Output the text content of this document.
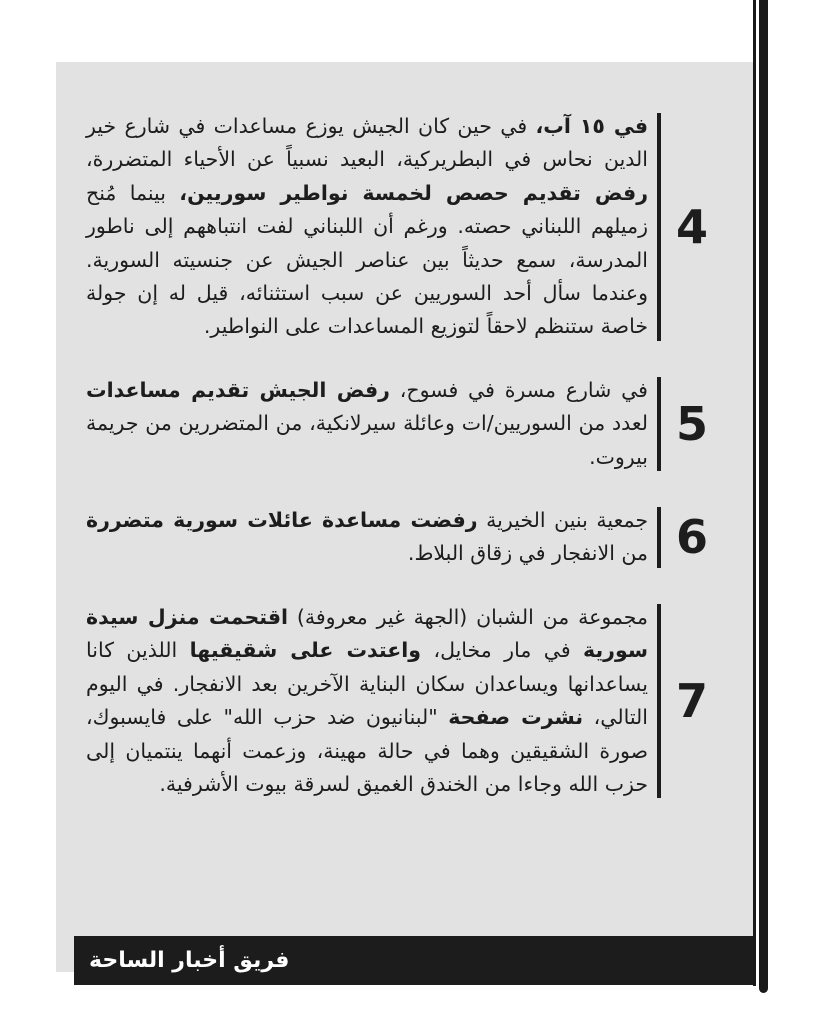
4

في ١٥ آب، في حين كان الجيش يوزع مساعدات في شارع خير الدين نحاس في البطريركية، البعيد نسبياً عن الأحياء المتضررة، رفض تقديم حصص لخمسة نواطير سوريين، بينما مُنح زميلهم اللبناني حصته. ورغم أن اللبناني لفت انتباههم إلى ناطور المدرسة، سمع حديثاً بين عناصر الجيش عن جنسيته السورية. وعندما سأل أحد السوريين عن سبب استثنائه، قيل له إن جولة خاصة ستنظم لاحقاً لتوزيع المساعدات على النواطير.

5

في شارع مسرة في فسوح، رفض الجيش تقديم مساعدات لعدد من السوريين/ات وعائلة سيرلانكية، من المتضررين من جريمة بيروت.

6

جمعية بنين الخيرية رفضت مساعدة عائلات سورية متضررة من الانفجار في زقاق البلاط.

7

مجموعة من الشبان (الجهة غير معروفة) اقتحمت منزل سيدة سورية في مار مخايل، واعتدت على شقيقيها اللذين كانا يساعدانها ويساعدان سكان البناية الآخرين بعد الانفجار. في اليوم التالي، نشرت صفحة "لبنانيون ضد حزب الله" على فايسبوك، صورة الشقيقين وهما في حالة مهينة، وزعمت أنهما ينتميان إلى حزب الله وجاءا من الخندق الغميق لسرقة بيوت الأشرفية.

فريق أخبار الساحة
